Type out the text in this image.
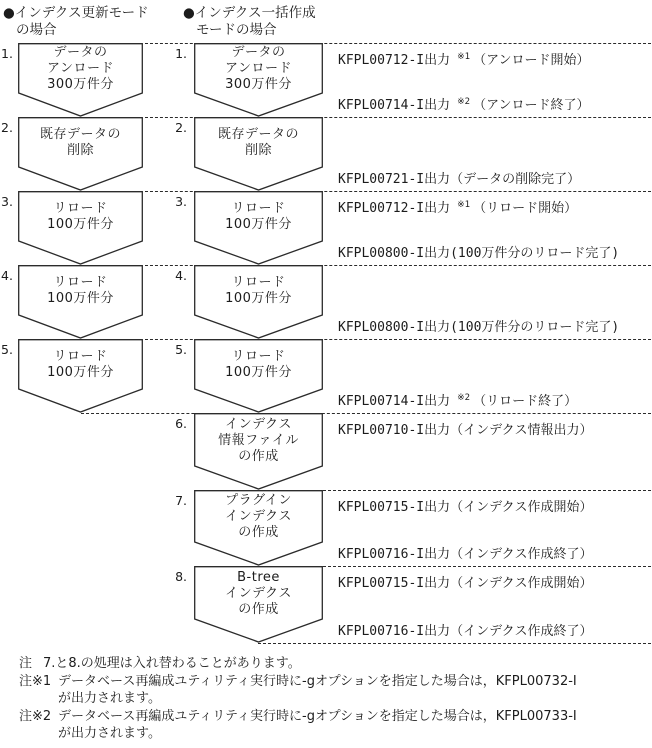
●インデクス更新モード
の場合
●インデクス一括作成
モードの場合
注 7.と8.の処理は入れ替わることがあります。
注※1 データベース再編成ユティリティ実行時に-gオプションを指定した場合は，KFPL00732-I
が出力されます。
注※2 データベース再編成ユティリティ実行時に-gオプションを指定した場合は，KFPL00733-I
が出力されます。
1.	データの
アンロード
300万件分
2.	既存データの
削除
3.	リロード
100万件分
4.	リロード
100万件分
5.	リロード
100万件分
1.	データの
アンロード
300万件分
2. 既存データの
削除
3.	リロード
100万件分
4.	リロード
100万件分
5.	リロード
100万件分
6.	インデクス
情報ファイル
の作成
7.	プラグイン
インデクス
の作成
8.	B-tree
インデクス
の作成
KFPL00712-I出力 $^{※1}$ （アンロード開始）
KFPL00714-I出力 $^{※2}$ （アンロード終了）
KFPL00721-I出力（データの削除完了）
KFPL00712-I出力 $^{※1}$ （リロード開始）
KFPL00800-I出力(100万件分のリロード完了)
KFPL00800-I出力(100万件分のリロード完了)
KFPL00714-I出力 $^{※2}$ （リロード終了）
KFPL00710-I出力（インデクス情報出力）
KFPL00715-I出力（インデクス作成開始）
KFPL00716-I出力（インデクス作成終了）
KFPL00715-I出力（インデクス作成開始）
KFPL00716-I出力（インデクス作成終了）
